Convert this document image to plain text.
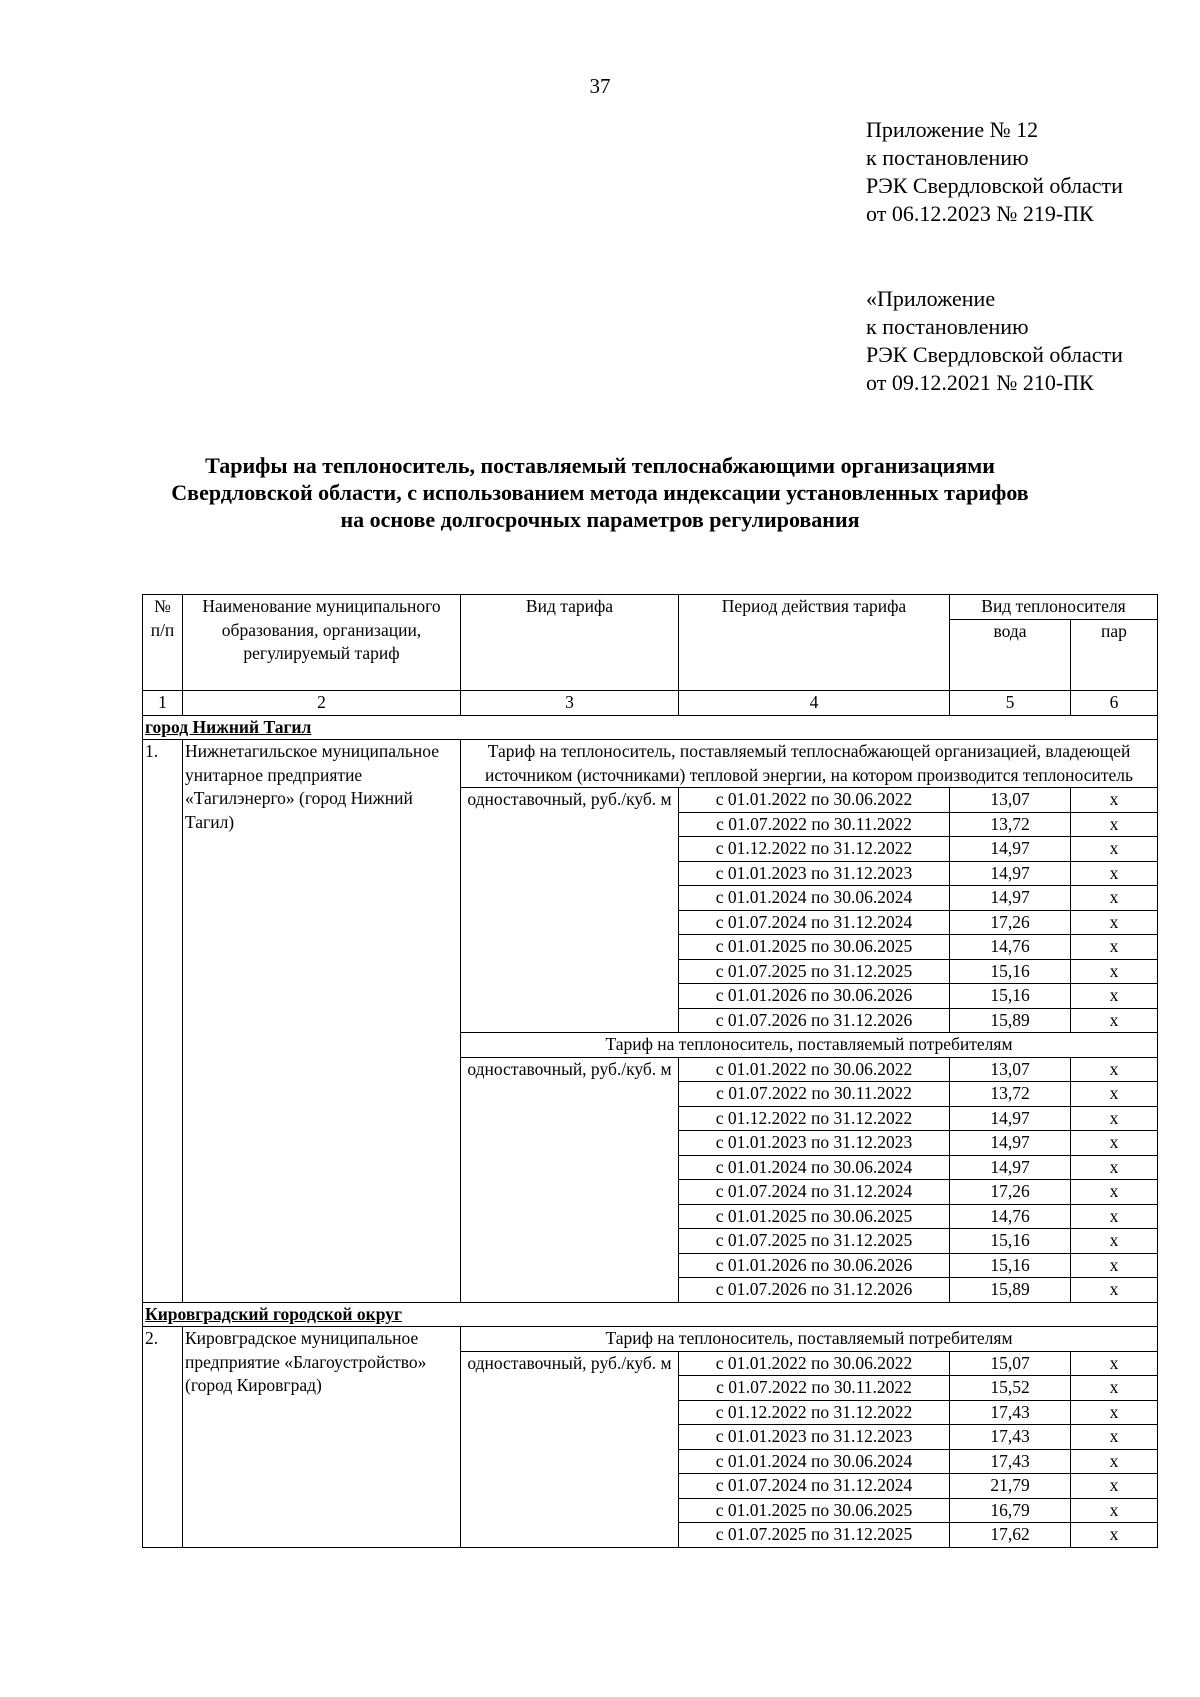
37
Приложение № 12
к постановлению
РЭК Свердловской области
от 06.12.2023 № 219-ПК
«Приложение
к постановлению
РЭК Свердловской области
от 09.12.2021 № 210-ПК
Тарифы на теплоноситель, поставляемый теплоснабжающими организациями
Свердловской области, с использованием метода индексации установленных тарифов
на основе долгосрочных параметров регулирования
№ п/п	Наименование муниципального образования, организации, регулируемый тариф	Вид тарифа	Период действия тарифа	Вид теплоносителя	
				вода	пар
1	2	3	4	5	6
город Нижний Тагил					
1.	Нижнетагильское муниципальное унитарное предприятие «Тагилэнерго» (город Нижний Тагил)	Тариф на теплоноситель, поставляемый теплоснабжающей организацией, владеющей источником (источниками) тепловой энергии, на котором производится теплоноситель			
		одноставочный, руб./куб. м	с 01.01.2022 по 30.06.2022	13,07	х
			с 01.07.2022 по 30.11.2022	13,72	х
			с 01.12.2022 по 31.12.2022	14,97	х
			с 01.01.2023 по 31.12.2023	14,97	х
			с 01.01.2024 по 30.06.2024	14,97	х
			с 01.07.2024 по 31.12.2024	17,26	х
			с 01.01.2025 по 30.06.2025	14,76	х
			с 01.07.2025 по 31.12.2025	15,16	х
			с 01.01.2026 по 30.06.2026	15,16	х
			с 01.07.2026 по 31.12.2026	15,89	х
		Тариф на теплоноситель, поставляемый потребителям			
		одноставочный, руб./куб. м	с 01.01.2022 по 30.06.2022	13,07	х
			с 01.07.2022 по 30.11.2022	13,72	х
			с 01.12.2022 по 31.12.2022	14,97	х
			с 01.01.2023 по 31.12.2023	14,97	х
			с 01.01.2024 по 30.06.2024	14,97	х
			с 01.07.2024 по 31.12.2024	17,26	х
			с 01.01.2025 по 30.06.2025	14,76	х
			с 01.07.2025 по 31.12.2025	15,16	х
			с 01.01.2026 по 30.06.2026	15,16	х
			с 01.07.2026 по 31.12.2026	15,89	х
Кировградский городской округ					
2.	Кировградское муниципальное предприятие «Благоустройство» (город Кировград)	Тариф на теплоноситель, поставляемый потребителям			
		одноставочный, руб./куб. м	с 01.01.2022 по 30.06.2022	15,07	х
			с 01.07.2022 по 30.11.2022	15,52	х
			с 01.12.2022 по 31.12.2022	17,43	х
			с 01.01.2023 по 31.12.2023	17,43	х
			с 01.01.2024 по 30.06.2024	17,43	х
			с 01.07.2024 по 31.12.2024	21,79	х
			с 01.01.2025 по 30.06.2025	16,79	х
			с 01.07.2025 по 31.12.2025	17,62	х
